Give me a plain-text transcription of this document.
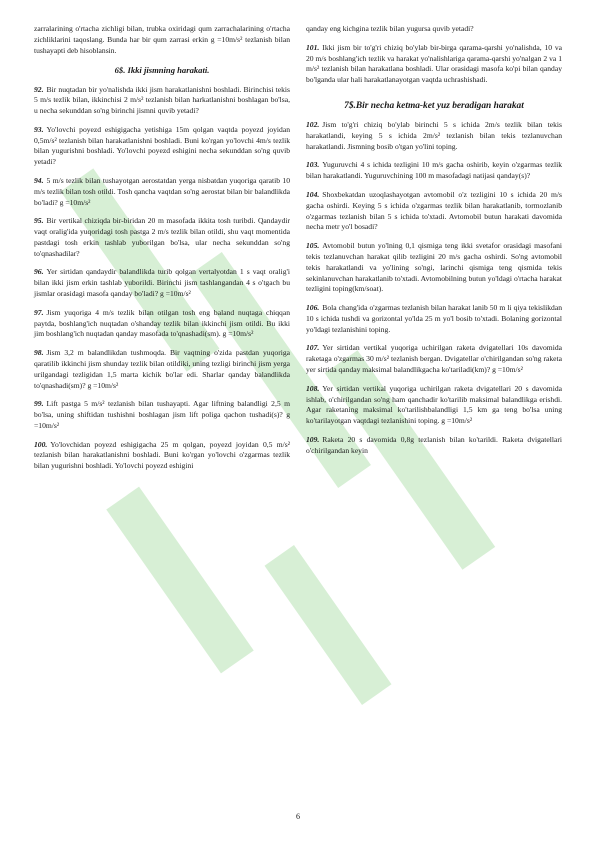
zarralarining o'rtacha zichligi bilan, trubka oxiridagi qum zarrachalarining o'rtacha zichliklarini taqoslang. Bunda har bir qum zarrasi erkin g =10m/s² tezlanish bilan tushayapti deb hisoblansin.

6$. Ikki jismning harakati.

92. Bir nuqtadan bir yo'nalishda ikki jism harakatlanishni boshladi. Birinchisi tekis 5 m/s tezlik bilan, ikkinchisi 2 m/s² tezlanish bilan harkatlanishni boshlagan bo'lsa, u necha sekunddan so'ng birinchi jismni quvib yetadi?

93. Yo'lovchi poyezd eshigigacha yetishiga 15m qolgan vaqtda poyezd joyidan 0,5m/s² tezlanish bilan harakatlanishni boshladi. Buni ko'rgan yo'lovchi 4m/s tezlik bilan yugurishni boshladi. Yo'lovchi poyezd eshigini necha sekunddan so'ng quvib yetadi?

94. 5 m/s tezlik bilan tushayotgan aerostatdan yerga nisbatdan yuqoriga qaratib 10 m/s tezlik bilan tosh otildi. Tosh qancha vaqtdan so'ng aerostat bilan bir balandlikda bo'ladi? g =10m/s²

95. Bir vertikal chiziqda bir-biridan 20 m masofada ikkita tosh turibdi. Qandaydir vaqt oralig'ida yuqoridagi tosh pastga 2 m/s tezlik bilan otildi, shu vaqt momentida pastdagi tosh erkin tashlab yuborilgan bo'lsa, ular necha sekunddan so'ng to'qnashadilar?

96. Yer sirtidan qandaydir balandlikda turib qolgan vertalyotdan 1 s vaqt oralig'i bilan ikki jism erkin tashlab yuborildi. Birinchi jism tashlangandan 4 s o'tgach bu jismlar orasidagi masofa qanday bo'ladi? g =10m/s²

97. Jism yuqoriga 4 m/s tezlik bilan otilgan tosh eng baland nuqtaga chiqqan paytda, boshlang'ich nuqtadan o'shanday tezlik bilan ikkinchi jism otildi. Bu ikki jim boshlang'ich nuqtadan qanday masofada to'qnashadi(sm). g =10m/s²

98. Jism 3,2 m balandlikdan tushmoqda. Bir vaqtning o'zida pastdan yuqoriga qaratilib ikkinchi jism shunday tezlik bilan otildiki, uning tezligi birinchi jism yerga urilgandagi tezligidan 1,5 marta kichik bo'lar edi. Sharlar qanday balandlikda to'qnashadi(sm)? g =10m/s²

99. Lift pastga 5 m/s² tezlanish bilan tushayapti. Agar liftning balandligi 2,5 m bo'lsa, uning shiftidan tushishni boshlagan jism lift poliga qachon tushadi(s)? g =10m/s²

100. Yo'lovchidan poyezd eshigigacha 25 m qolgan, poyezd joyidan 0,5 m/s² tezlanish bilan harakatlanishni boshladi. Buni ko'rgan yo'lovchi o'zgarmas tezlik bilan yugurishni boshladi. Yo'lovchi poyezd eshigini

qanday eng kichgina tezlik bilan yugursa quvib yetadi?

101. Ikki jism bir to'g'ri chiziq bo'ylab bir-birga qarama-qarshi yo'nalishda, 10 va 20 m/s boshlang'ich tezlik va harakat yo'nalishlariga qarama-qarshi yo'nalgan 2 va 1 m/s² tezlanish bilan harakatlana boshladi. Ular orasidagi masofa ko'pi bilan qanday bo'lganda ular hali harakatlanayotgan vaqtda uchrashishadi.

7$.Bir necha ketma-ket yuz beradigan harakat

102. Jism to'g'ri chiziq bo'ylab birinchi 5 s ichida 2m/s tezlik bilan tekis harakatlandi, keying 5 s ichida 2m/s² tezlanish bilan tekis tezlanuvchan harakatlandi. Jismning bosib o'tgan yo'lini toping.

103. Yuguruvchi 4 s ichida tezligini 10 m/s gacha oshirib, keyin o'zgarmas tezlik bilan harakatlandi. Yuguruvchining 100 m masofadagi natijasi qanday(s)?

104. Shoxbekatdan uzoqlashayotgan avtomobil o'z tezligini 10 s ichida 20 m/s gacha oshirdi. Keying 5 s ichida o'zgarmas tezlik bilan harakatlanib, tormozlanib o'zgarmas tezlanish bilan 5 s ichida to'xtadi. Avtomobil butun harakati davomida necha metr yo'l bosadi?

105. Avtomobil butun yo'lning 0,1 qismiga teng ikki svetafor orasidagi masofani tekis tezlanuvchan harakat qilib tezligini 20 m/s gacha oshirdi. So'ng avtomobil tekis harakatlandi va yo'lining so'ngi, larinchi qismiga teng qismida tekis sekinlanuvchan harakatlanib to'xtadi. Avtomobilning butun yo'ldagi o'rtacha harakat tezligini toping(km/soat).

106. Bola chang'ida o'zgarmas tezlanish bilan harakat lanib 50 m li qiya tekislikdan 10 s ichida tushdi va gorizontal yo'lda 25 m yo'l bosib to'xtadi. Bolaning gorizontal yo'ldagi tezlanishini toping.

107. Yer sirtidan vertikal yuqoriga uchirilgan raketa dvigatellari 10s davomida raketaga o'zgarmas 30 m/s² tezlanish bergan. Dvigatellar o'chirilgandan so'ng raketa yer sirtida qanday maksimal balandlikgacha ko'tariladi(km)? g =10m/s²

108. Yer sirtidan vertikal yuqoriga uchirilgan raketa dvigatellari 20 s davomida ishlab, o'chirilgandan so'ng ham qanchadir ko'tarilib maksimal balandlikga erishdi. Agar raketaning maksimal ko'tarilishbalandligi 1,5 km ga teng bo'lsa uning ko'tarilayotgan vaqtdagi tezlanishini toping. g =10m/s²

109. Raketa 20 s davomida 0,8g tezlanish bilan ko'tarildi. Raketa dvigatellari o'chirilgandan keyin

6
